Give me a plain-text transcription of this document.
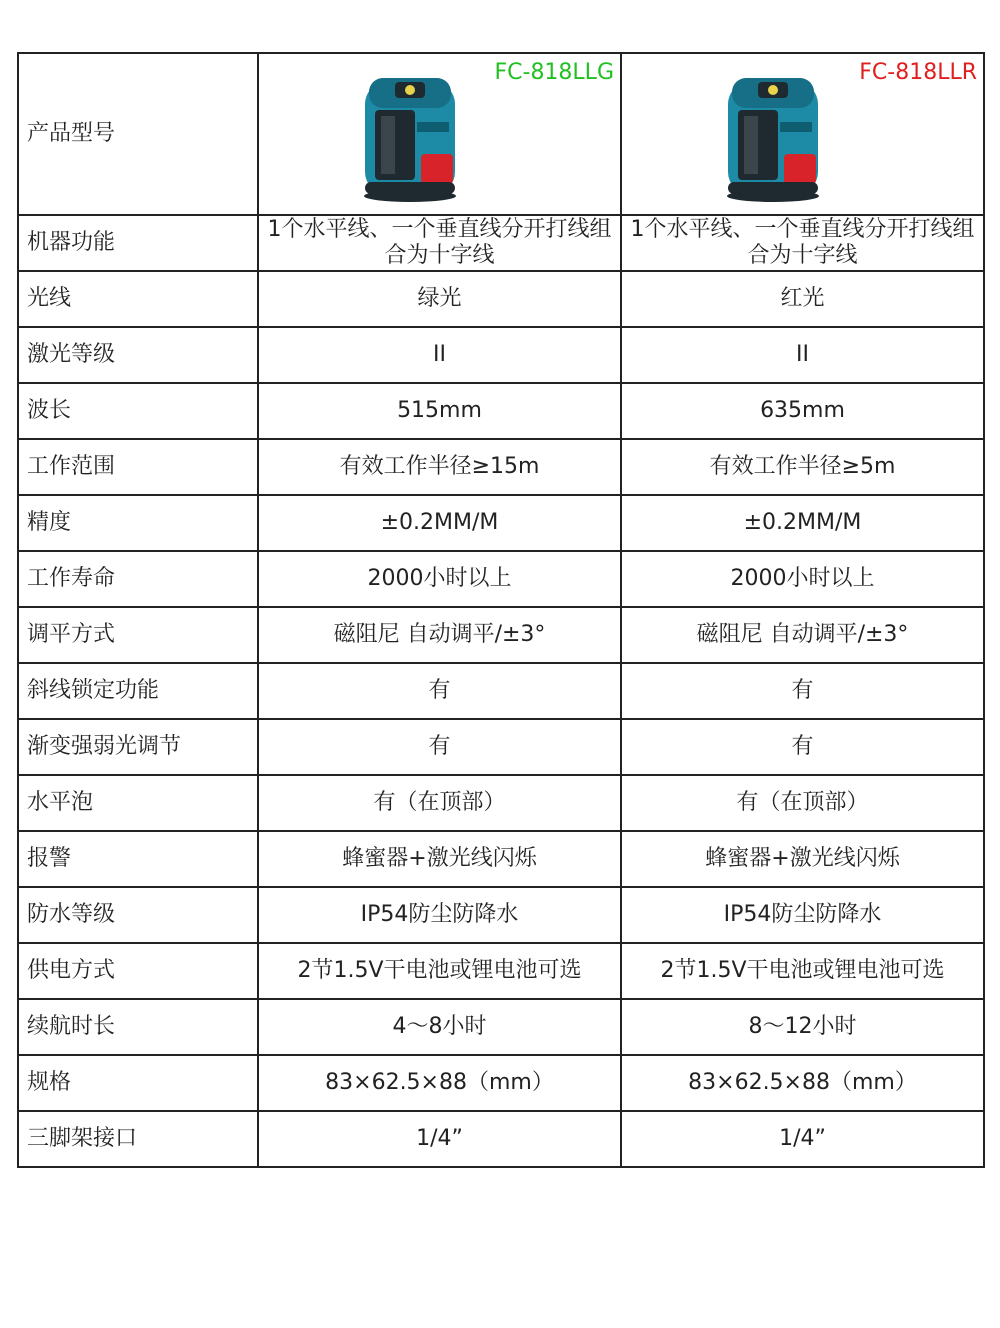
产品型号	FC-818LLG	FC-818LLR

机器功能	1个水平线、一个垂直线分开打线组合为十字线	1个水平线、一个垂直线分开打线组合为十字线
光线	绿光	红光
激光等级	II	II
波长	515mm	635mm
工作范围	有效工作半径≥15m	有效工作半径≥5m
精度	±0.2MM/M	±0.2MM/M
工作寿命	2000小时以上	2000小时以上
调平方式	磁阻尼 自动调平/±3°	磁阻尼 自动调平/±3°
斜线锁定功能	有	有
渐变强弱光调节	有	有
水平泡	有（在顶部）	有（在顶部）
报警	蜂蜜器+激光线闪烁	蜂蜜器+激光线闪烁
防水等级	IP54防尘防降水	IP54防尘防降水
供电方式	2节1.5V干电池或锂电池可选	2节1.5V干电池或锂电池可选
续航时长	4～8小时	8～12小时
规格	83×62.5×88（mm）	83×62.5×88（mm）
三脚架接口	1/4”	1/4”
